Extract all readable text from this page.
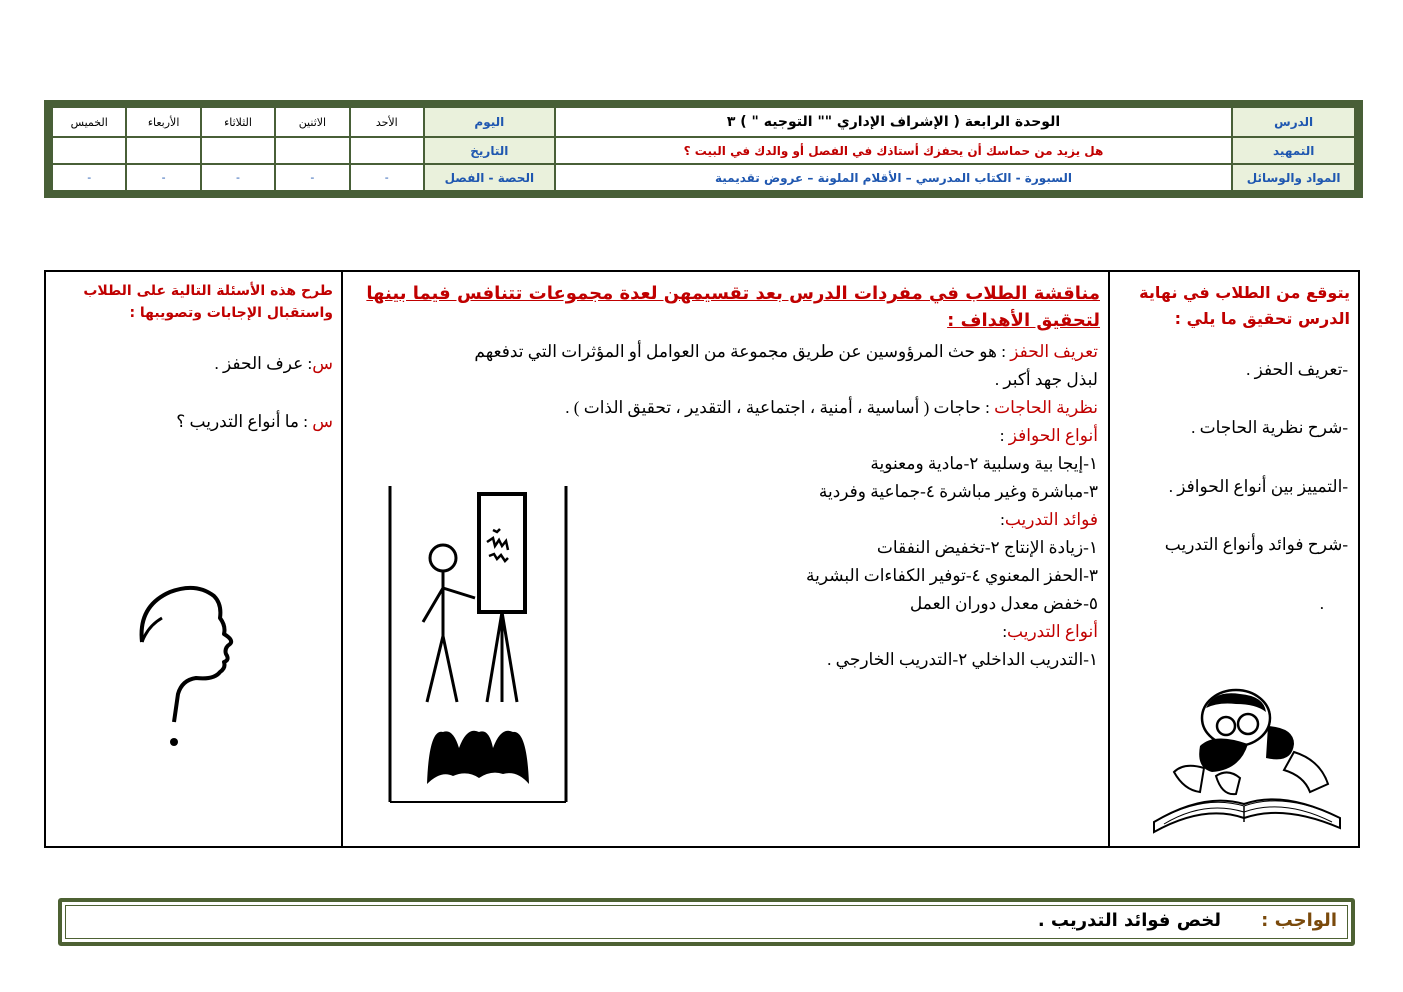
الدرس	الوحدة الرابعة ( الإشراف الإداري "" التوجيه " ) ٣	اليوم	الأحد	الاثنين	الثلاثاء	الأربعاء	الخميس
التمهيد	هل يزيد من حماسك أن يحفزك أستاذك في الفصل أو والدك في البيت ؟	التاريخ					
المواد والوسائل	السبورة - الكتاب المدرسي – الأقلام الملونة – عروض تقديمية	الحصة - الفصل	-	-	-	-	-
يتوقع من الطلاب في نهاية الدرس تحقيق ما يلي :
-تعريف الحفز .
-شرح نظرية الحاجات .
-التمييز بين أنواع الحوافز .
-شرح فوائد وأنواع التدريب
.
مناقشة الطلاب في مفردات الدرس بعد تقسيمهن لعدة مجموعات تتنافس فيما بينها لتحقيق الأهداف :
تعريف الحفز : هو حث المرؤوسين عن طريق مجموعة من العوامل أو المؤثرات التي تدفعهم
لبذل جهد أكبر .
نظرية الحاجات : حاجات ( أساسية ، أمنية ، اجتماعية ، التقدير ، تحقيق الذات ) .
أنواع الحوافز :
١-إيجا بية وسلبية ٢-مادية ومعنوية
٣-مباشرة وغير مباشرة ٤-جماعية وفردية
فوائد التدريب:
١-زيادة الإنتاج ٢-تخفيض النفقات
٣-الحفز المعنوي ٤-توفير الكفاءات البشرية
٥-خفض معدل دوران العمل
أنواع التدريب:
١-التدريب الداخلي ٢-التدريب الخارجي .
طرح هذه الأسئلة التالية على الطلاب واستقبال الإجابات وتصويبها :
س: عرف الحفز .
س : ما أنواع التدريب ؟
الواجب :
لخص فوائد التدريب .
